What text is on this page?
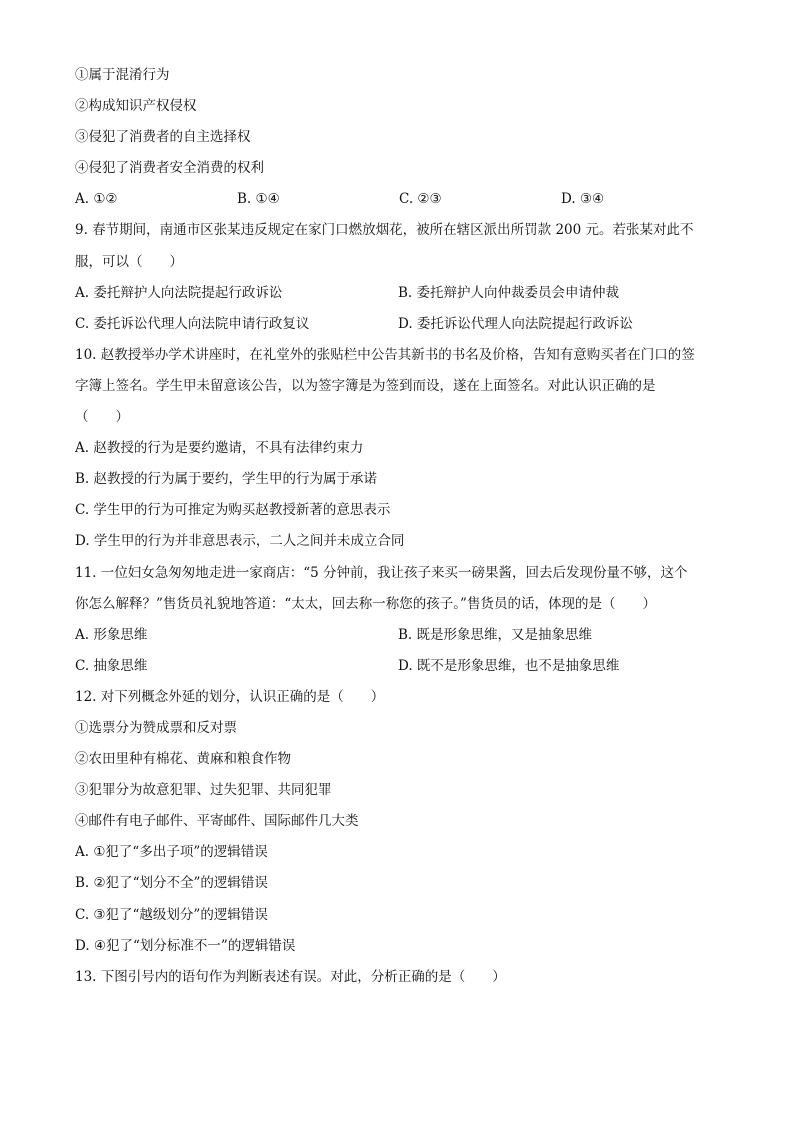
①属于混淆行为
②构成知识产权侵权
③侵犯了消费者的自主选择权
④侵犯了消费者安全消费的权利
A. ①②	B. ①④	C. ②③	D. ③④
9. 春节期间，南通市区张某违反规定在家门口燃放烟花，被所在辖区派出所罚款 200 元。若张某对此不
服，可以（　　）
A. 委托辩护人向法院提起行政诉讼	B. 委托辩护人向仲裁委员会申请仲裁
C. 委托诉讼代理人向法院申请行政复议	D. 委托诉讼代理人向法院提起行政诉讼
10. 赵教授举办学术讲座时，在礼堂外的张贴栏中公告其新书的书名及价格，告知有意购买者在门口的签
字簿上签名。学生甲未留意该公告，以为签字簿是为签到而设，遂在上面签名。对此认识正确的是
（　　）
A. 赵教授的行为是要约邀请，不具有法律约束力
B. 赵教授的行为属于要约，学生甲的行为属于承诺
C. 学生甲的行为可推定为购买赵教授新著的意思表示
D. 学生甲的行为并非意思表示，二人之间并未成立合同
11. 一位妇女急匆匆地走进一家商店：“5 分钟前，我让孩子来买一磅果酱，回去后发现份量不够，这个
你怎么解释？”售货员礼貌地答道：“太太，回去称一称您的孩子。”售货员的话，体现的是（　　）
A. 形象思维	B. 既是形象思维，又是抽象思维
C. 抽象思维	D. 既不是形象思维，也不是抽象思维
12. 对下列概念外延的划分，认识正确的是（　　）
①选票分为赞成票和反对票
②农田里种有棉花、黄麻和粮食作物
③犯罪分为故意犯罪、过失犯罪、共同犯罪
④邮件有电子邮件、平寄邮件、国际邮件几大类
A. ①犯了“多出子项”的逻辑错误
B. ②犯了“划分不全”的逻辑错误
C. ③犯了“越级划分”的逻辑错误
D. ④犯了“划分标准不一”的逻辑错误
13. 下图引号内的语句作为判断表述有误。对此，分析正确的是（　　）
